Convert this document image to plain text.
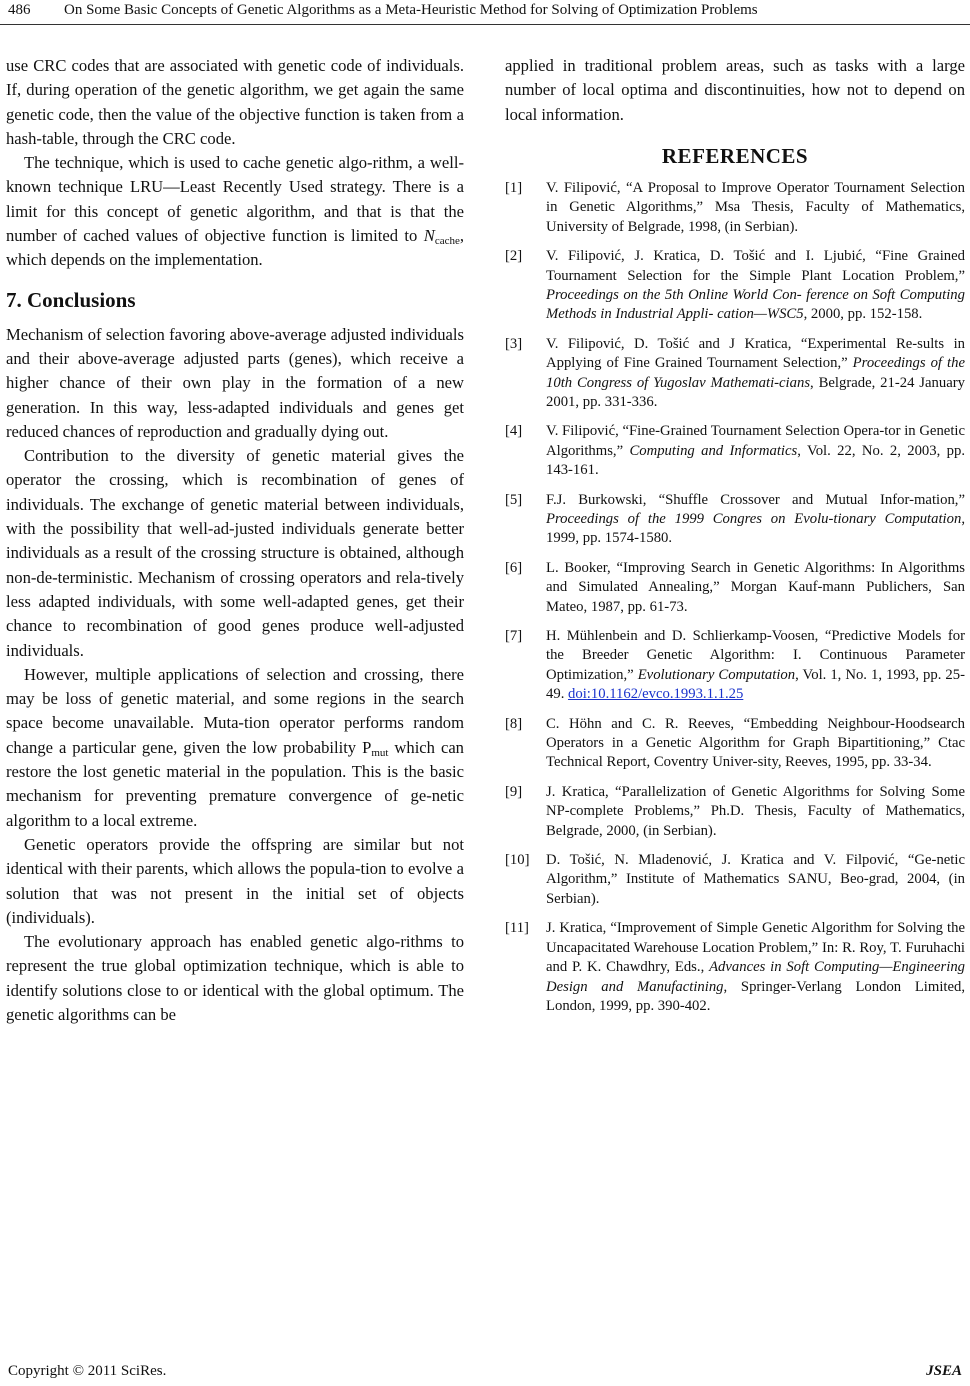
486 On Some Basic Concepts of Genetic Algorithms as a Meta-Heuristic Method for Solving of Optimization Problems

use CRC codes that are associated with genetic code of individuals. If, during operation of the genetic algorithm, we get again the same genetic code, then the value of the objective function is taken from a hash-table, through the CRC code.

The technique, which is used to cache genetic algo-rithm, a well-known technique LRU—Least Recently Used strategy. There is a limit for this concept of genetic algorithm, and that is that the number of cached values of objective function is limited to $N_{cache}$, which depends on the implementation.

7. Conclusions

Mechanism of selection favoring above-average adjusted individuals and their above-average adjusted parts (genes), which receive a higher chance of their own play in the formation of a new generation. In this way, less-adapted individuals and genes get reduced chances of reproduction and gradually dying out.

Contribution to the diversity of genetic material gives the operator the crossing, which is recombination of genes of individuals. The exchange of genetic material between individuals, with the possibility that well-ad-justed individuals generate better individuals as a result of the crossing structure is obtained, although non-de-terministic. Mechanism of crossing operators and rela-tively less adapted individuals, with some well-adapted genes, get their chance to recombination of good genes produce well-adjusted individuals.

However, multiple applications of selection and crossing, there may be loss of genetic material, and some regions in the search space become unavailable. Muta-tion operator performs random change a particular gene, given the low probability $P_{mut}$ which can restore the lost genetic material in the population. This is the basic mechanism for preventing premature convergence of ge-netic algorithm to a local extreme.

Genetic operators provide the offspring are similar but not identical with their parents, which allows the popula-tion to evolve a solution that was not present in the initial set of objects (individuals).

The evolutionary approach has enabled genetic algo-rithms to represent the true global optimization technique, which is able to identify solutions close to or identical with the global optimum. The genetic algorithms can be

applied in traditional problem areas, such as tasks with a large number of local optima and discontinuities, how not to depend on local information.

REFERENCES
[1] V. Filipović, “A Proposal to Improve Operator Tournament Selection in Genetic Algorithms,” Msa Thesis, Faculty of Mathematics, University of Belgrade, 1998, (in Serbian).
[2] V. Filipović, J. Kratica, D. Tošić and I. Ljubić, “Fine Grained Tournament Selection for the Simple Plant Location Problem,” Proceedings on the 5th Online World Con- ference on Soft Computing Methods in Industrial Appli- cation—WSC5, 2000, pp. 152-158.
[3] V. Filipović, D. Tošić and J Kratica, “Experimental Re-sults in Applying of Fine Grained Tournament Selection,” Proceedings of the 10th Congress of Yugoslav Mathemati-cians, Belgrade, 21-24 January 2001, pp. 331-336.
[4] V. Filipović, “Fine-Grained Tournament Selection Opera-tor in Genetic Algorithms,” Computing and Informatics, Vol. 22, No. 2, 2003, pp. 143-161.
[5] F.J. Burkowski, “Shuffle Crossover and Mutual Infor-mation,” Proceedings of the 1999 Congres on Evolu-tionary Computation, 1999, pp. 1574-1580.
[6] L. Booker, “Improving Search in Genetic Algorithms: In Algorithms and Simulated Annealing,” Morgan Kauf-mann Publichers, San Mateo, 1987, pp. 61-73.
[7] H. Mühlenbein and D. Schlierkamp-Voosen, “Predictive Models for the Breeder Genetic Algorithm: I. Continuous Parameter Optimization,” Evolutionary Computation, Vol. 1, No. 1, 1993, pp. 25-49. doi:10.1162/evco.1993.1.1.25
[8] C. Höhn and C. R. Reeves, “Embedding Neighbour-Hoodsearch Operators in a Genetic Algorithm for Graph Bipartitioning,” Ctac Technical Report, Coventry Univer-sity, Reeves, 1995, pp. 33-34.
[9] J. Kratica, “Parallelization of Genetic Algorithms for Solving Some NP-complete Problems,” Ph.D. Thesis, Faculty of Mathematics, Belgrade, 2000, (in Serbian).
[10] D. Tošić, N. Mladenović, J. Kratica and V. Filpović, “Ge-netic Algorithm,” Institute of Mathematics SANU, Beo-grad, 2004, (in Serbian).
[11] J. Kratica, “Improvement of Simple Genetic Algorithm for Solving the Uncapacitated Warehouse Location Problem,” In: R. Roy, T. Furuhachi and P. K. Chawdhry, Eds., Advances in Soft Computing—Engineering Design and Manufactining, Springer-Verlang London Limited, London, 1999, pp. 390-402.
Copyright © 2011 SciRes.	JSEA
